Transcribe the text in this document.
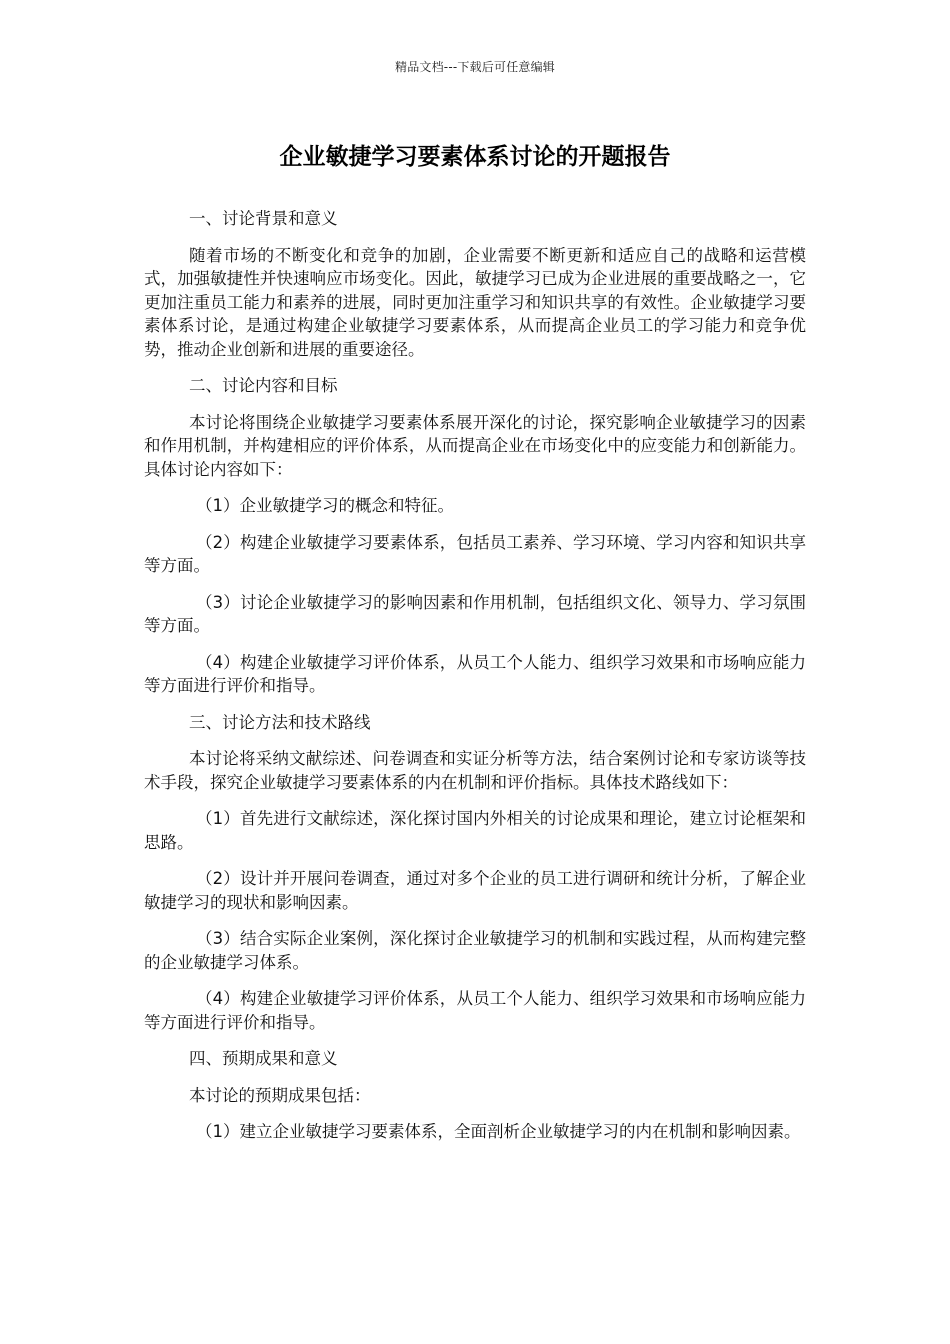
精品文档---下载后可任意编辑
企业敏捷学习要素体系讨论的开题报告

一、讨论背景和意义

随着市场的不断变化和竞争的加剧，企业需要不断更新和适应自己的战略和运营模式，加强敏捷性并快速响应市场变化。因此，敏捷学习已成为企业进展的重要战略之一，它更加注重员工能力和素养的进展，同时更加注重学习和知识共享的有效性。企业敏捷学习要素体系讨论，是通过构建企业敏捷学习要素体系，从而提高企业员工的学习能力和竞争优势，推动企业创新和进展的重要途径。

二、讨论内容和目标

本讨论将围绕企业敏捷学习要素体系展开深化的讨论，探究影响企业敏捷学习的因素和作用机制，并构建相应的评价体系，从而提高企业在市场变化中的应变能力和创新能力。具体讨论内容如下：

（1）企业敏捷学习的概念和特征。

（2）构建企业敏捷学习要素体系，包括员工素养、学习环境、学习内容和知识共享等方面。

（3）讨论企业敏捷学习的影响因素和作用机制，包括组织文化、领导力、学习氛围等方面。

（4）构建企业敏捷学习评价体系，从员工个人能力、组织学习效果和市场响应能力等方面进行评价和指导。

三、讨论方法和技术路线

本讨论将采纳文献综述、问卷调查和实证分析等方法，结合案例讨论和专家访谈等技术手段，探究企业敏捷学习要素体系的内在机制和评价指标。具体技术路线如下：

（1）首先进行文献综述，深化探讨国内外相关的讨论成果和理论，建立讨论框架和思路。

（2）设计并开展问卷调查，通过对多个企业的员工进行调研和统计分析，了解企业敏捷学习的现状和影响因素。

（3）结合实际企业案例，深化探讨企业敏捷学习的机制和实践过程，从而构建完整的企业敏捷学习体系。

（4）构建企业敏捷学习评价体系，从员工个人能力、组织学习效果和市场响应能力等方面进行评价和指导。

四、预期成果和意义

本讨论的预期成果包括：

（1）建立企业敏捷学习要素体系，全面剖析企业敏捷学习的内在机制和影响因素。
